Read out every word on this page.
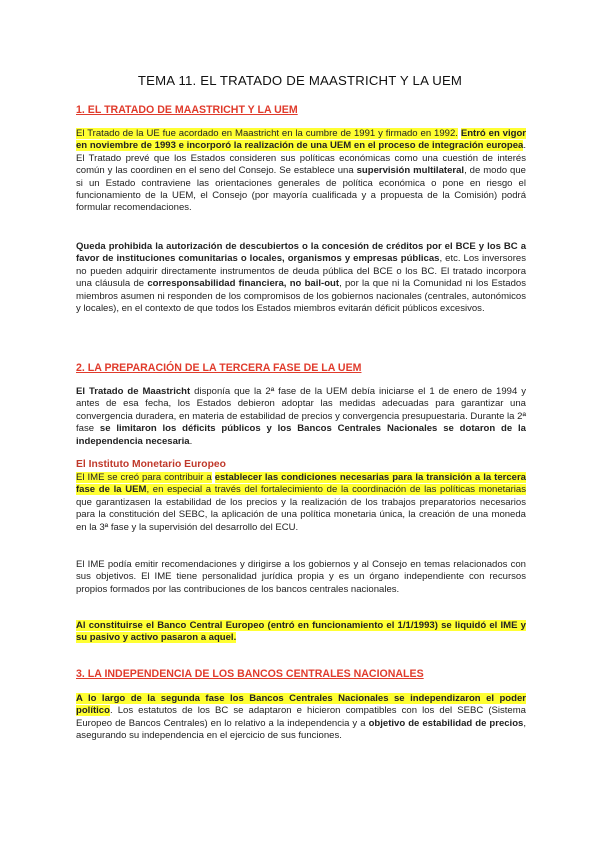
TEMA 11. EL TRATADO DE MAASTRICHT Y LA UEM
1. EL TRATADO DE MAASTRICHT Y LA UEM

El Tratado de la UE fue acordado en Maastricht en la cumbre de 1991 y firmado en 1992. Entró en vigor en noviembre de 1993 e incorporó la realización de una UEM en el proceso de integración europea. El Tratado prevé que los Estados consideren sus políticas económicas como una cuestión de interés común y las coordinen en el seno del Consejo. Se establece una supervisión multilateral, de modo que si un Estado contraviene las orientaciones generales de política económica o pone en riesgo el funcionamiento de la UEM, el Consejo (por mayoría cualificada y a propuesta de la Comisión) podrá formular recomendaciones.

Queda prohibida la autorización de descubiertos o la concesión de créditos por el BCE y los BC a favor de instituciones comunitarias o locales, organismos y empresas públicas, etc. Los inversores no pueden adquirir directamente instrumentos de deuda pública del BCE o los BC. El tratado incorpora una cláusula de corresponsabilidad financiera, no bail-out, por la que ni la Comunidad ni los Estados miembros asumen ni responden de los compromisos de los gobiernos nacionales (centrales, autonómicos y locales), en el contexto de que todos los Estados miembros evitarán déficit públicos excesivos.

2. LA PREPARACIÓN DE LA TERCERA FASE DE LA UEM

El Tratado de Maastricht disponía que la 2ª fase de la UEM debía iniciarse el 1 de enero de 1994 y antes de esa fecha, los Estados debieron adoptar las medidas adecuadas para garantizar una convergencia duradera, en materia de estabilidad de precios y convergencia presupuestaria. Durante la 2ª fase se limitaron los déficits públicos y los Bancos Centrales Nacionales se dotaron de la independencia necesaria.

El Instituto Monetario Europeo

El IME se creó para contribuir a establecer las condiciones necesarias para la transición a la tercera fase de la UEM, en especial a través del fortalecimiento de la coordinación de las políticas monetarias que garantizasen la estabilidad de los precios y la realización de los trabajos preparatorios necesarios para la constitución del SEBC, la aplicación de una política monetaria única, la creación de una moneda en la 3ª fase y la supervisión del desarrollo del ECU.

El IME podía emitir recomendaciones y dirigirse a los gobiernos y al Consejo en temas relacionados con sus objetivos. El IME tiene personalidad jurídica propia y es un órgano independiente con recursos propios formados por las contribuciones de los bancos centrales nacionales.

Al constituirse el Banco Central Europeo (entró en funcionamiento el 1/1/1993) se liquidó el IME y su pasivo y activo pasaron a aquel.

3. LA INDEPENDENCIA DE LOS BANCOS CENTRALES NACIONALES

A lo largo de la segunda fase los Bancos Centrales Nacionales se independizaron el poder político. Los estatutos de los BC se adaptaron e hicieron compatibles con los del SEBC (Sistema Europeo de Bancos Centrales) en lo relativo a la independencia y a objetivo de estabilidad de precios, asegurando su independencia en el ejercicio de sus funciones.
